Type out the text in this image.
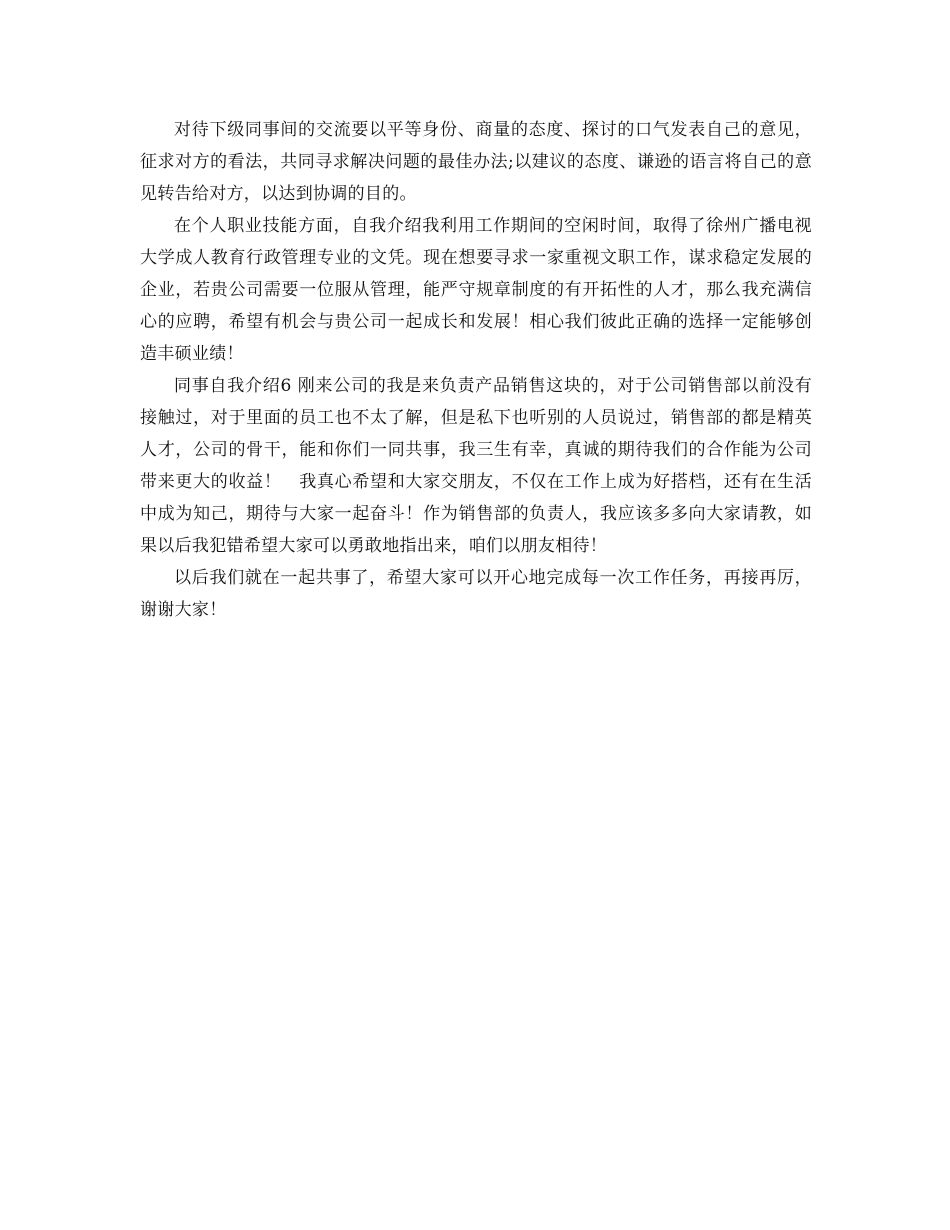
对待下级同事间的交流要以平等身份、商量的态度、探讨的口气发表自己的意见，征求对方的看法，共同寻求解决问题的最佳办法;以建议的态度、谦逊的语言将自己的意见转告给对方，以达到协调的目的。

在个人职业技能方面，自我介绍我利用工作期间的空闲时间，取得了徐州广播电视大学成人教育行政管理专业的文凭。现在想要寻求一家重视文职工作，谋求稳定发展的企业，若贵公司需要一位服从管理，能严守规章制度的有开拓性的人才，那么我充满信心的应聘，希望有机会与贵公司一起成长和发展！相心我们彼此正确的选择一定能够创造丰硕业绩！

同事自我介绍6 刚来公司的我是来负责产品销售这块的，对于公司销售部以前没有接触过，对于里面的员工也不太了解，但是私下也听别的人员说过，销售部的都是精英人才，公司的骨干，能和你们一同共事，我三生有幸，真诚的期待我们的合作能为公司带来更大的收益！　我真心希望和大家交朋友，不仅在工作上成为好搭档，还有在生活中成为知己，期待与大家一起奋斗！作为销售部的负责人，我应该多多向大家请教，如果以后我犯错希望大家可以勇敢地指出来，咱们以朋友相待！

以后我们就在一起共事了，希望大家可以开心地完成每一次工作任务，再接再厉，谢谢大家！
